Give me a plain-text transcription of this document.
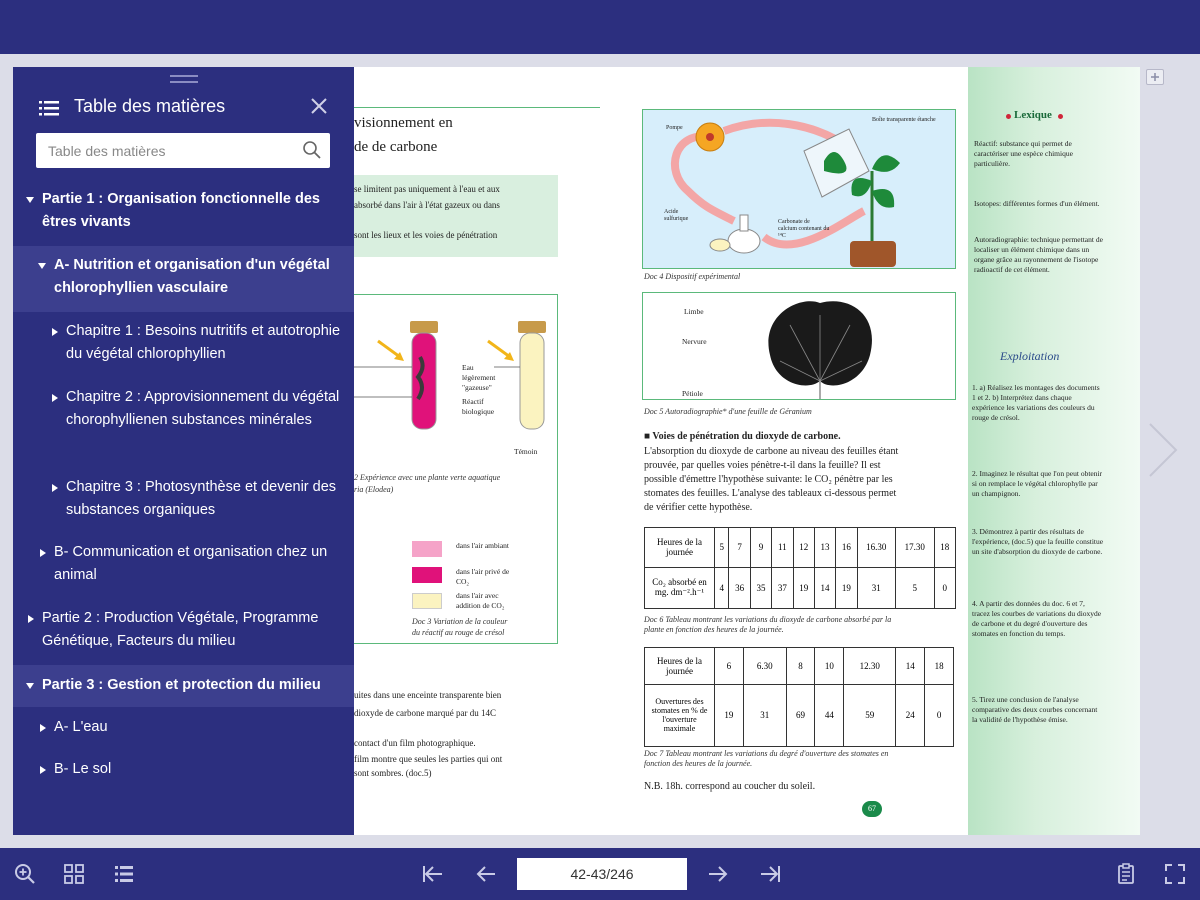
visionnement en
de de carbone
se limitent pas uniquement à l'eau et aux
absorbé dans l'air à l'état gazeux ou dans
sont les lieux et les voies de pénétration
Eau
légèrement
"gazeuse"
Réactif
biologique
Témoin
2 Expérience avec une plante verte aquatique
ria (Elodea)
dans l'air ambiant
dans l'air privé de CO₂
dans l'air avec addition de CO₂
Doc 3 Variation de la couleur
du réactif au rouge de crésol
uites dans une enceinte transparente bien
dioxyde de carbone marqué par du 14C
contact d'un film photographique.
film montre que seules les parties qui ont
sont sombres. (doc.5)
Pompe
Boîte transparente étanche
Acide sulfurique	Carbonate de calcium contenant du ¹⁴C
Doc 4 Dispositif expérimental
Limbe
Nervure
Pétiole
Doc 5 Autoradiographie* d'une feuille de Géranium
■ Voies de pénétration du dioxyde de carbone.
L'absorption du dioxyde de carbone au niveau des feuilles étant
prouvée, par quelles voies pénètre-t-il dans la feuille? Il est
possible d'émettre l'hypothèse suivante: le CO₂ pénètre par les
stomates des feuilles. L'analyse des tableaux ci-dessous permet
de vérifier cette hypothèse.
Heures de la journée	5	7	9	11	12	13	16	16.30	17.30	18
Co₂ absorbé en mg. dm⁻².h⁻¹	4	36	35	37	19	14	19	31	5	0
Doc 6 Tableau montrant les variations du dioxyde de carbone absorbé par la
plante en fonction des heures de la journée.
Heures de la journée	6	6.30	8	10	12.30	14	18
Ouvertures des stomates en % de l'ouverture maximale	19	31	69	44	59	24	0
Doc 7 Tableau montrant les variations du degré d'ouverture des stomates en
fonction des heures de la journée.
N.B. 18h. correspond au coucher du soleil.
67
Lexique
Réactif: substance qui permet de caractériser une espèce chimique particulière.
Isotopes: différentes formes d'un élément.
Autoradiographie: technique permettant de localiser un élément chimique dans un organe grâce au rayonnement de l'isotope radioactif de cet élément.
Exploitation
1. a) Réalisez les montages des documents 1 et 2. b) Interprétez dans chaque expérience les variations des couleurs du rouge de crésol.
2. Imaginez le résultat que l'on peut obtenir si on remplace le végétal chlorophylle par un champignon.
3. Démontrez à partir des résultats de l'expérience, (doc.5) que la feuille constitue un site d'absorption du dioxyde de carbone.
4. A partir des données du doc. 6 et 7, tracez les courbes de variations du dioxyde de carbone et du degré d'ouverture des stomates en fonction du temps.
5. Tirez une conclusion de l'analyse comparative des deux courbes concernant la validité de l'hypothèse émise.
Table des matières
Table des matières
Partie 1 : Organisation fonctionnelle des êtres vivants
A- Nutrition et organisation d'un végétal chlorophyllien vasculaire
Chapitre 1 : Besoins nutritifs et autotrophie du végétal chlorophyllien
Chapitre 2 : Approvisionnement du végétal chorophyllienen substances minérales
Chapitre 3 : Photosynthèse et devenir des substances organiques
B- Communication et organisation chez un animal
Partie 2 : Production Végétale, Programme Génétique, Facteurs du milieu
Partie 3 : Gestion et protection du milieu
A- L'eau
B- Le sol
42-43/246
